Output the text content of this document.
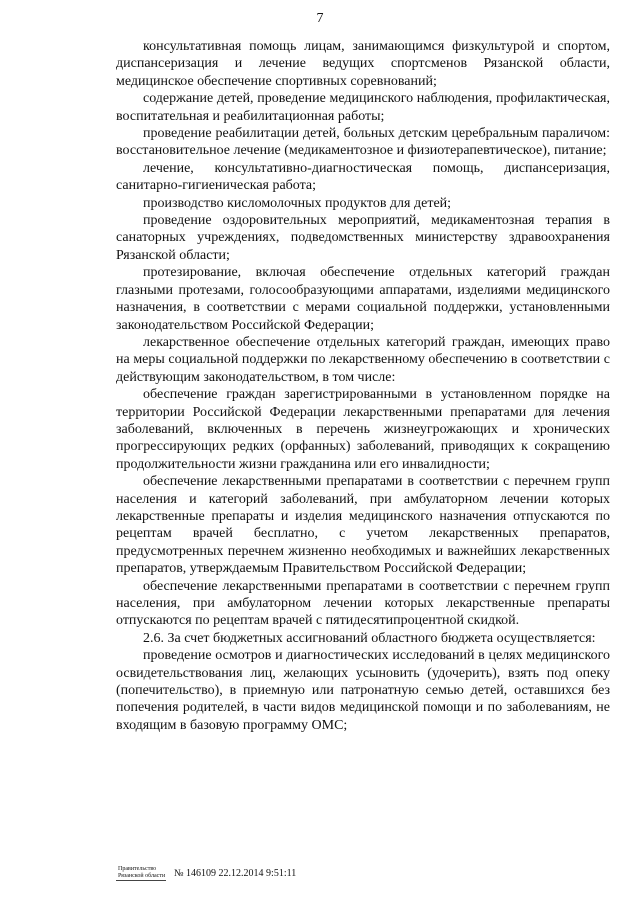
7

консультативная помощь лицам, занимающимся физкультурой и спортом, диспансеризация и лечение ведущих спортсменов Рязанской области, медицинское обеспечение спортивных соревнований;

содержание детей, проведение медицинского наблюдения, профилактическая, воспитательная и реабилитационная работы;

проведение реабилитации детей, больных детским церебральным параличом: восстановительное лечение (медикаментозное и физиотерапевтическое), питание;

лечение, консультативно-диагностическая помощь, диспансеризация, санитарно-гигиеническая работа;

производство кисломолочных продуктов для детей;

проведение оздоровительных мероприятий, медикаментозная терапия в санаторных учреждениях, подведомственных министерству здравоохранения Рязанской области;

протезирование, включая обеспечение отдельных категорий граждан глазными протезами, голосообразующими аппаратами, изделиями медицинского назначения, в соответствии с мерами социальной поддержки, установленными законодательством Российской Федерации;

лекарственное обеспечение отдельных категорий граждан, имеющих право на меры социальной поддержки по лекарственному обеспечению в соответствии с действующим законодательством, в том числе:

обеспечение граждан зарегистрированными в установленном порядке на территории Российской Федерации лекарственными препаратами для лечения заболеваний, включенных в перечень жизнеугрожающих и хронических прогрессирующих редких (орфанных) заболеваний, приводящих к сокращению продолжительности жизни гражданина или его инвалидности;

обеспечение лекарственными препаратами в соответствии с перечнем групп населения и категорий заболеваний, при амбулаторном лечении которых лекарственные препараты и изделия медицинского назначения отпускаются по рецептам врачей бесплатно, с учетом лекарственных препаратов, предусмотренных перечнем жизненно необходимых и важнейших лекарственных препаратов, утверждаемым Правительством Российской Федерации;

обеспечение лекарственными препаратами в соответствии с перечнем групп населения, при амбулаторном лечении которых лекарственные препараты отпускаются по рецептам врачей с пятидесятипроцентной скидкой.

2.6. За счет бюджетных ассигнований областного бюджета осуществляется:

проведение осмотров и диагностических исследований в целях медицинского освидетельствования лиц, желающих усыновить (удочерить), взять под опеку (попечительство), в приемную или патронатную семью детей, оставшихся без попечения родителей, в части видов медицинской помощи и по заболеваниям, не входящим в базовую программу ОМС;

Правительство
Рязанской области № 146109 22.12.2014 9:51:11
